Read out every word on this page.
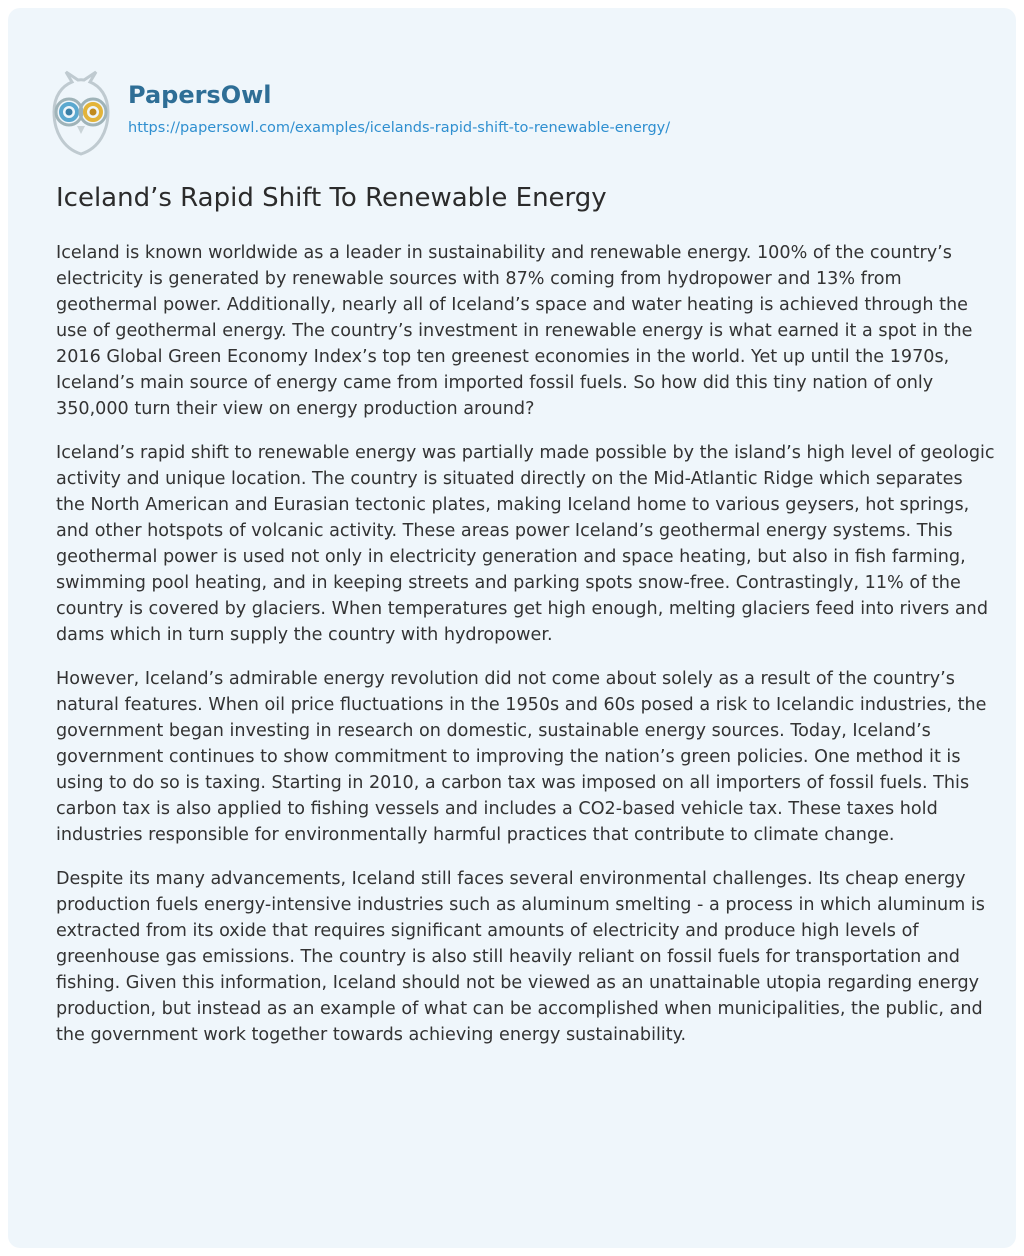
PapersOwl
https://papersowl.com/examples/icelands-rapid-shift-to-renewable-energy/
Iceland’s Rapid Shift To Renewable Energy

Iceland is known worldwide as a leader in sustainability and renewable energy. 100% of the country’s electricity is generated by renewable sources with 87% coming from hydropower and 13% from geothermal power. Additionally, nearly all of Iceland’s space and water heating is achieved through the use of geothermal energy. The country’s investment in renewable energy is what earned it a spot in the 2016 Global Green Economy Index’s top ten greenest economies in the world. Yet up until the 1970s, Iceland’s main source of energy came from imported fossil fuels. So how did this tiny nation of only 350,000 turn their view on energy production around?

Iceland’s rapid shift to renewable energy was partially made possible by the island’s high level of geologic activity and unique location. The country is situated directly on the Mid-Atlantic Ridge which separates the North American and Eurasian tectonic plates, making Iceland home to various geysers, hot springs, and other hotspots of volcanic activity. These areas power Iceland’s geothermal energy systems. This geothermal power is used not only in electricity generation and space heating, but also in fish farming, swimming pool heating, and in keeping streets and parking spots snow-free. Contrastingly, 11% of the country is covered by glaciers. When temperatures get high enough, melting glaciers feed into rivers and dams which in turn supply the country with hydropower.

However, Iceland’s admirable energy revolution did not come about solely as a result of the country’s natural features. When oil price fluctuations in the 1950s and 60s posed a risk to Icelandic industries, the government began investing in research on domestic, sustainable energy sources. Today, Iceland’s government continues to show commitment to improving the nation’s green policies. One method it is using to do so is taxing. Starting in 2010, a carbon tax was imposed on all importers of fossil fuels. This carbon tax is also applied to fishing vessels and includes a CO2-based vehicle tax. These taxes hold industries responsible for environmentally harmful practices that contribute to climate change.

Despite its many advancements, Iceland still faces several environmental challenges. Its cheap energy production fuels energy-intensive industries such as aluminum smelting - a process in which aluminum is extracted from its oxide that requires significant amounts of electricity and produce high levels of greenhouse gas emissions. The country is also still heavily reliant on fossil fuels for transportation and fishing. Given this information, Iceland should not be viewed as an unattainable utopia regarding energy production, but instead as an example of what can be accomplished when municipalities, the public, and the government work together towards achieving energy sustainability.
